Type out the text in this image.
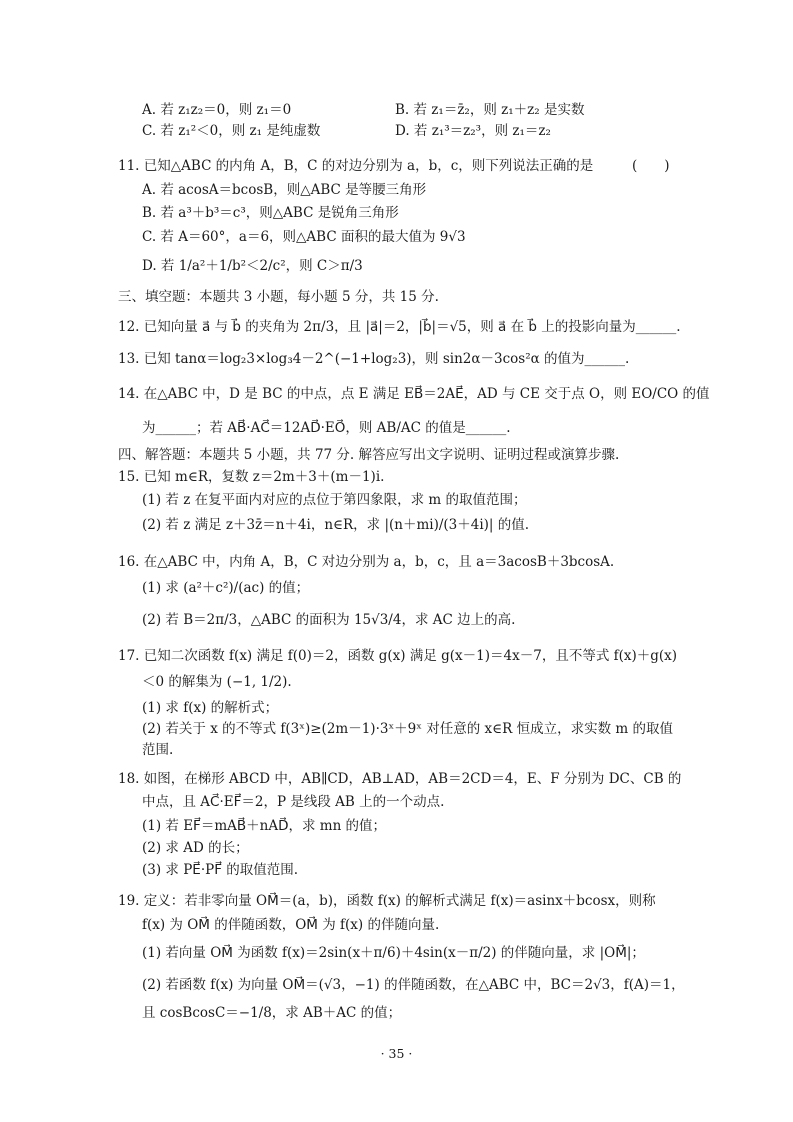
A. 若 z₁z₂＝0，则 z₁＝0	B. 若 z₁＝z̄₂，则 z₁＋z₂ 是实数
C. 若 z₁²＜0，则 z₁ 是纯虚数	D. 若 z₁³＝z₂³，则 z₁＝z₂
11. 已知△ABC 的内角 A，B，C 的对边分别为 a，b，c，则下列说法正确的是	(　　)
A. 若 acosA＝bcosB，则△ABC 是等腰三角形
B. 若 a³＋b³＝c³，则△ABC 是锐角三角形
C. 若 A＝60°，a＝6，则△ABC 面积的最大值为 9√3
D. 若 1/a²＋1/b²＜2/c²，则 C＞π/3
三、填空题：本题共 3 小题，每小题 5 分，共 15 分.
12. 已知向量 a⃗ 与 b⃗ 的夹角为 2π/3，且 |a⃗|＝2，|b⃗|＝√5，则 a⃗ 在 b⃗ 上的投影向量为______.
13. 已知 tanα＝log₂3×log₃4－2^(−1+log₂3)，则 sin2α－3cos²α 的值为______.
14. 在△ABC 中，D 是 BC 的中点，点 E 满足 EB⃗＝2AE⃗，AD 与 CE 交于点 O，则 EO/CO 的值
为______；若 AB⃗·AC⃗＝12AD⃗·EO⃗，则 AB/AC 的值是______.
四、解答题：本题共 5 小题，共 77 分. 解答应写出文字说明、证明过程或演算步骤.
15. 已知 m∈R，复数 z＝2m＋3＋(m－1)i.
(1) 若 z 在复平面内对应的点位于第四象限，求 m 的取值范围；
(2) 若 z 满足 z＋3z̄＝n＋4i，n∈R，求 |(n＋mi)/(3＋4i)| 的值.
16. 在△ABC 中，内角 A，B，C 对边分别为 a，b，c，且 a＝3acosB＋3bcosA.
(1) 求 (a²＋c²)/(ac) 的值；
(2) 若 B＝2π/3，△ABC 的面积为 15√3/4，求 AC 边上的高.
17. 已知二次函数 f(x) 满足 f(0)＝2，函数 g(x) 满足 g(x－1)＝4x－7，且不等式 f(x)＋g(x)
＜0 的解集为 (−1, 1/2).
(1) 求 f(x) 的解析式；
(2) 若关于 x 的不等式 f(3ˣ)≥(2m－1)·3ˣ＋9ˣ 对任意的 x∈R 恒成立，求实数 m 的取值
范围.
18. 如图，在梯形 ABCD 中，AB∥CD，AB⊥AD，AB＝2CD＝4，E、F 分别为 DC、CB 的
中点，且 AC⃗·EF⃗＝2，P 是线段 AB 上的一个动点.
(1) 若 EF⃗＝mAB⃗＋nAD⃗，求 mn 的值；
(2) 求 AD 的长；
(3) 求 PE⃗·PF⃗ 的取值范围.
19. 定义：若非零向量 OM⃗＝(a，b)，函数 f(x) 的解析式满足 f(x)＝asinx＋bcosx，则称
f(x) 为 OM⃗ 的伴随函数，OM⃗ 为 f(x) 的伴随向量.
(1) 若向量 OM⃗ 为函数 f(x)＝2sin(x＋π/6)＋4sin(x－π/2) 的伴随向量，求 |OM⃗|；
(2) 若函数 f(x) 为向量 OM⃗＝(√3，−1) 的伴随函数，在△ABC 中，BC＝2√3，f(A)＝1，
且 cosBcosC＝−1/8，求 AB＋AC 的值；
· 35 ·
